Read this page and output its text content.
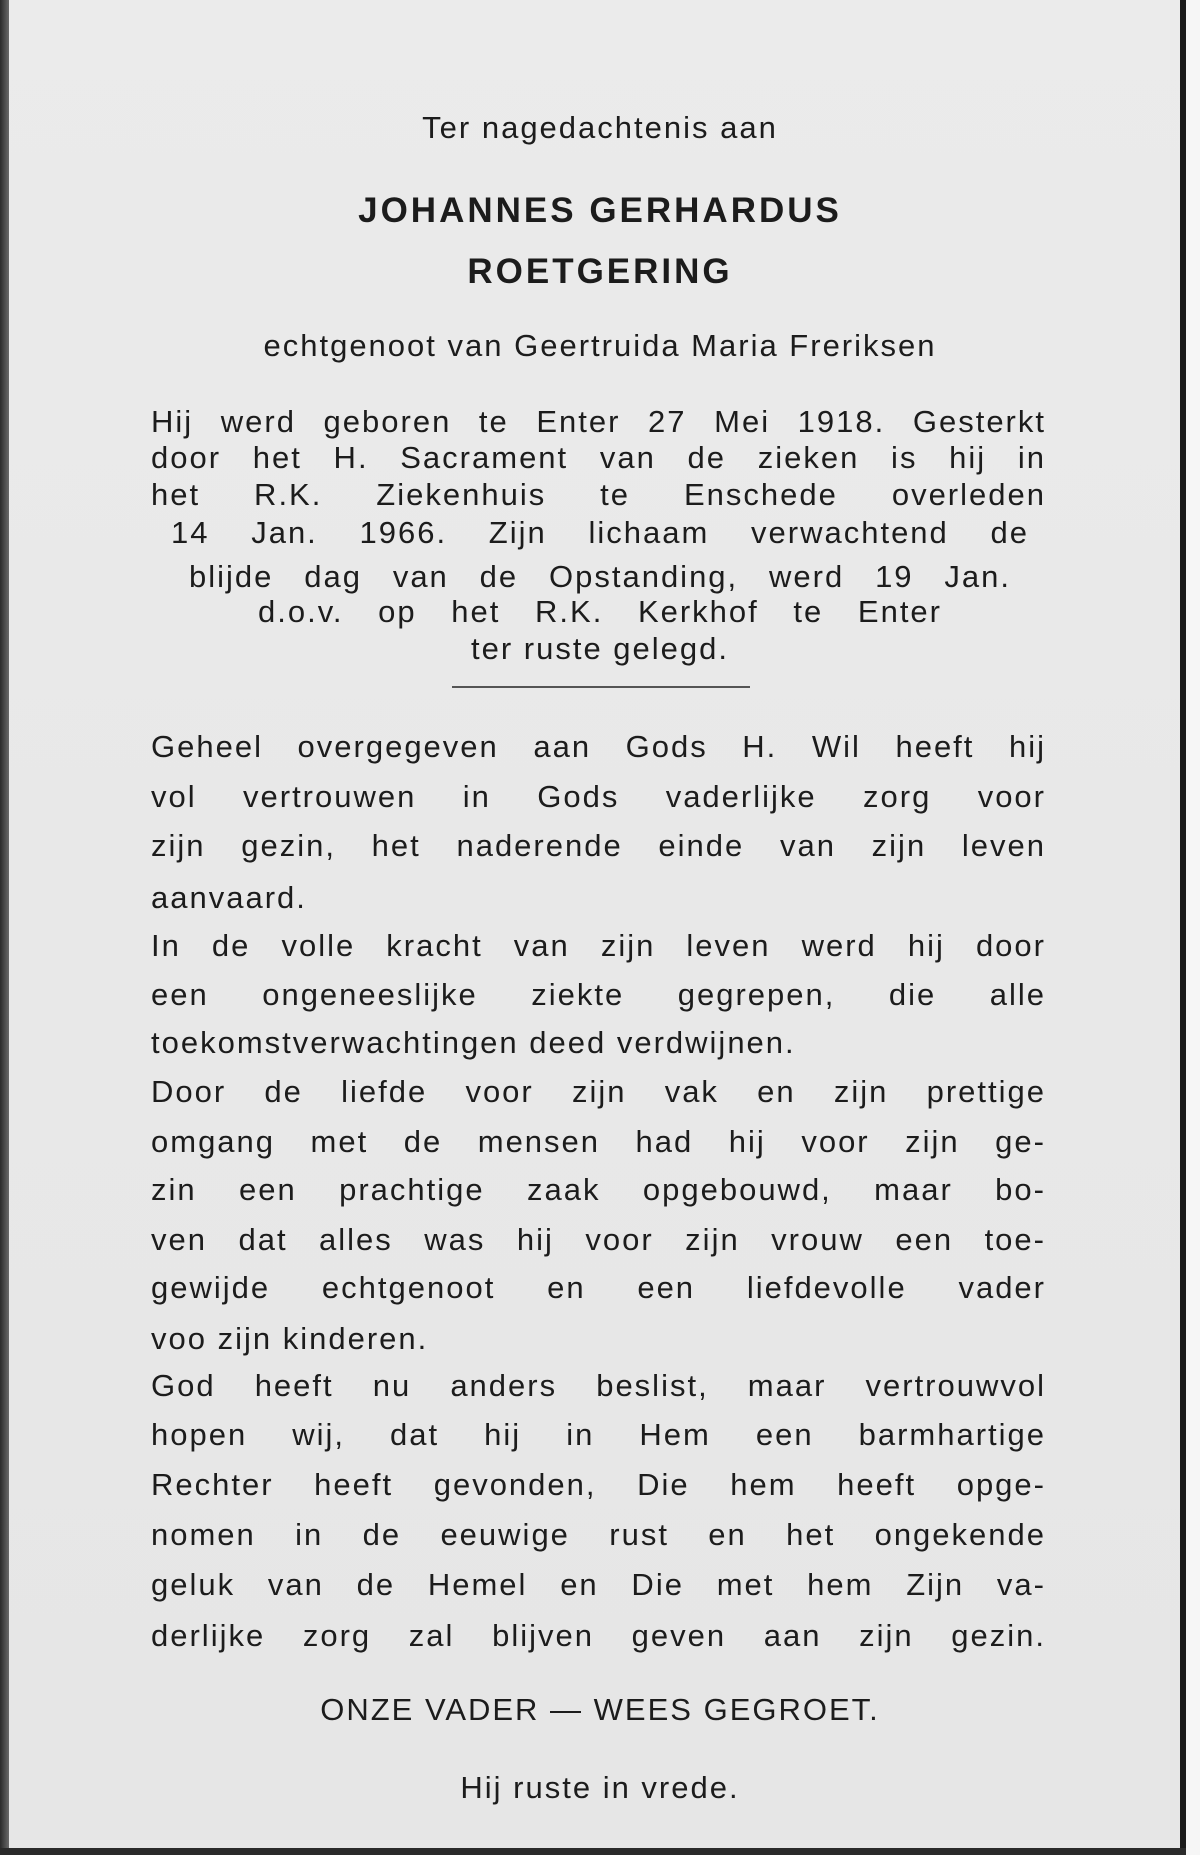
Ter nagedachtenis aan
JOHANNES GERHARDUS
ROETGERING
echtgenoot van Geertruida Maria Freriksen
Hij werd geboren te Enter 27 Mei 1918. Gesterkt
door het H. Sacrament van de zieken is hij in
het R.K. Ziekenhuis te Enschede overleden
14 Jan. 1966. Zijn lichaam verwachtend de
blijde dag van de Opstanding, werd 19 Jan.
d.o.v. op het R.K. Kerkhof te Enter
ter ruste gelegd.
Geheel overgegeven aan Gods H. Wil heeft hij
vol vertrouwen in Gods vaderlijke zorg voor
zijn gezin, het naderende einde van zijn leven
aanvaard.
In de volle kracht van zijn leven werd hij door
een ongeneeslijke ziekte gegrepen, die alle
toekomstverwachtingen deed verdwijnen.
Door de liefde voor zijn vak en zijn prettige
omgang met de mensen had hij voor zijn ge-
zin een prachtige zaak opgebouwd, maar bo-
ven dat alles was hij voor zijn vrouw een toe-
gewijde echtgenoot en een liefdevolle vader
voo zijn kinderen.
God heeft nu anders beslist, maar vertrouwvol
hopen wij, dat hij in Hem een barmhartige
Rechter heeft gevonden, Die hem heeft opge-
nomen in de eeuwige rust en het ongekende
geluk van de Hemel en Die met hem Zijn va-
derlijke zorg zal blijven geven aan zijn gezin.
ONZE VADER — WEES GEGROET.
Hij ruste in vrede.
